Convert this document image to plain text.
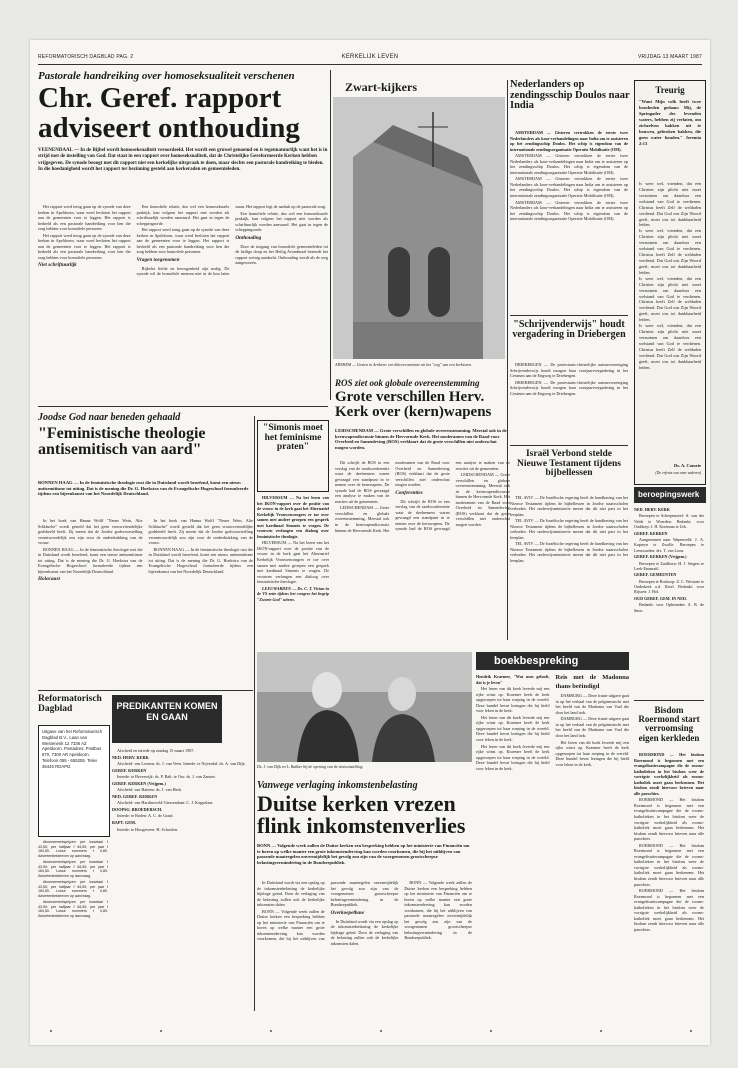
REFORMATORISCH DAGBLAD PAG. 2	KERKELIJK LEVEN	VRIJDAG 13 MAART 1987
Pastorale handreiking over homoseksualiteit verschenen
Chr. Geref. rapport
adviseert onthouding
VEENENDAAL — In de Bijbel wordt homoseksualiteit veroordeeld. Het wordt een gruwel genoemd en is tegennatuurlijk want het is in strijd met de instelling van God. Dat staat in een rapport over homoseksualiteit, dat de Christelijke Gereformeerde Kerken hebben vrijgegeven. De synode beoogt met dit rapport niet een kerkelijke uitspraak te doen, maar slechts een pastorale handreiking te bieden. In die hoedanigheid wordt het rapport ter bezinning gesteld aan kerkeraden en gemeenteleden.

Het rapport werd terug gaan op de synode van deze kerken in Apeldoorn, waar werd besloten het rapport aan de gemeenten voor te leggen. Het rapport is bedoeld als een pastorale handreiking voor hen die zorg hebben voor homofiele personen.

Het rapport werd terug gaan op de synode van deze kerken in Apeldoorn, waar werd besloten het rapport aan de gemeenten voor te leggen. Het rapport is bedoeld als een pastorale handreiking voor hen die zorg hebben voor homofiele personen.

Niet schriftuurlijk

Een homofiele relatie, dus wel een homoseksuele praktijk, kan volgens het rapport niet worden als schriftuurlijk worden aanvaard. Het gaat in tegen de scheppingsorde.

Het rapport werd terug gaan op de synode van deze kerken in Apeldoorn, waar werd besloten het rapport aan de gemeenten voor te leggen. Het rapport is bedoeld als een pastorale handreiking voor hen die zorg hebben voor homofiele personen.

Vragen toegenomen

Bijbelse liefde en bewogenheid zijn nodig. De synode wil de homofiele mensen niet in de kou laten staan. Het rapport legt de nadruk op de pastorale zorg.

Een homofiele relatie, dus wel een homoseksuele praktijk, kan volgens het rapport niet worden als schriftuurlijk worden aanvaard. Het gaat in tegen de scheppingsorde.

Onthouding

Door de toegang van homofiele gemeenteleden tot de heilige doop en het Heilig Avondmaal besteedt het rapport weinig aandacht. Onthouding wordt als de weg aangewezen.

Zwart-kijkers
ARNHEM — Gezien in Arnhem: een kikvors-antenne uit het "oog" van een kerktoren.
Nederlanders op zendingsschip Doulos naar India

AMSTERDAM — Gisteren vertrokken de eerste twee Nederlanders als koor-verhandelingen naar India om te assisteren op het zendingsschip Doulos. Het schip is eigendom van de internationale zendingsorganisatie Operatie Mobilisatie (OM).

AMSTERDAM — Gisteren vertrokken de eerste twee Nederlanders als koor-verhandelingen naar India om te assisteren op het zendingsschip Doulos. Het schip is eigendom van de internationale zendingsorganisatie Operatie Mobilisatie (OM).

AMSTERDAM — Gisteren vertrokken de eerste twee Nederlanders als koor-verhandelingen naar India om te assisteren op het zendingsschip Doulos. Het schip is eigendom van de internationale zendingsorganisatie Operatie Mobilisatie (OM).

AMSTERDAM — Gisteren vertrokken de eerste twee Nederlanders als koor-verhandelingen naar India om te assisteren op het zendingsschip Doulos. Het schip is eigendom van de internationale zendingsorganisatie Operatie Mobilisatie (OM).

"Schrijvenderwijs" houdt vergadering in Driebergen

DRIEBERGEN — De protestants-christelijke auteursvereniging Schrijvenderwijs houdt morgen haar voorjaarsvergadering in het Centrum aan de Engweg te Driebergen.

DRIEBERGEN — De protestants-christelijke auteursvereniging Schrijvenderwijs houdt morgen haar voorjaarsvergadering in het Centrum aan de Engweg te Driebergen.

Treurig
"Want Mijn volk heeft twee boosheden gedaan: Mij, de Springader des levenden waters, hebben zij verlaten, om zichzelven bakken uit te houwen, gebroken bakken, die geen water houden." Jeremia 2:13
Is weer wel, vrienden, dat een Christen zijn plicht niet moet verzuimen om daardoor een welstand van God te verdienen. Christus heeft Zelf de weldaden verdiend. Dat God ons Zijn Woord geeft, moet ons tot dankbaarheid leiden.
Is weer wel, vrienden, dat een Christen zijn plicht niet moet verzuimen om daardoor een welstand van God te verdienen. Christus heeft Zelf de weldaden verdiend. Dat God ons Zijn Woord geeft, moet ons tot dankbaarheid leiden.
Is weer wel, vrienden, dat een Christen zijn plicht niet moet verzuimen om daardoor een welstand van God te verdienen. Christus heeft Zelf de weldaden verdiend. Dat God ons Zijn Woord geeft, moet ons tot dankbaarheid leiden.
Is weer wel, vrienden, dat een Christen zijn plicht niet moet verzuimen om daardoor een welstand van God te verdienen. Christus heeft Zelf de weldaden verdiend. Dat God ons Zijn Woord geeft, moet ons tot dankbaarheid leiden.
Ds. A. Comrie
(De erfenis van onze vaderen)
beroepingswerk

NED. HERV. KERK

Beroepen te Scherpenzeel: A. van der Velde te Woerden. Bedankt: voor Ouddorp: J. H. Kooiman te Urk.

GEREF. KERKEN

Aangenomen naar Wapenveld: J. A. Kapteyn te Zwolle. Beroepen te Leeuwarden: drs. T. van Loon.

GEREF. KERKEN (Vrijgem.)

Beroepen te Zuidhorn: H. J. Siegers te Leek-Enumatil.

GEREF. GEMEENTEN

Beroepen te Boskoop: Z. C. Westrate te Ouderkerk a.d. IJssel. Bedankt: voor Rijssen: J. Hol.

OUD GEREF. GEM. IN NED.

Bedankt: voor Opheusden: A. B. de Snoo.

Bisdom Roermond start verroomsing eigen kerkleden

ROERMOND — Het bisdom Roermond is begonnen met een evangelisatiecampagne die de rooms-katholieken in het bisdom weer de vorrigste werkelijkheid als rooms-katholiek moet gaan herkennen. Het bisdom zendt hiervoor brieven naar alle parochies.

ROERMOND — Het bisdom Roermond is begonnen met een evangelisatiecampagne die de rooms-katholieken in het bisdom weer de vorrigste werkelijkheid als rooms-katholiek moet gaan herkennen. Het bisdom zendt hiervoor brieven naar alle parochies.

ROERMOND — Het bisdom Roermond is begonnen met een evangelisatiecampagne die de rooms-katholieken in het bisdom weer de vorrigste werkelijkheid als rooms-katholiek moet gaan herkennen. Het bisdom zendt hiervoor brieven naar alle parochies.

ROERMOND — Het bisdom Roermond is begonnen met een evangelisatiecampagne die de rooms-katholieken in het bisdom weer de vorrigste werkelijkheid als rooms-katholiek moet gaan herkennen. Het bisdom zendt hiervoor brieven naar alle parochies.

Joodse God naar beneden gehaald
"Feministische theologie antisemitisch van aard"
BONNEN HAAG — In de feministische theologie rust die in Duitsland wordt beoefend, komt een nieuw antisemitisme tot uiting. Dat is de mening die Dr. G. Hoekstra van de Evangelische Hogeschool formuleerde tijdens een bijeenkomst van het Noordelijk Deutschland.

In het boek van Hanna Wolff "Neuer Wein, Alte Schläuche" wordt gesteld dat het geen vrouwvriendelijke godsbeeld heeft. Zij meent dat de Joodse godsvoorstelling verantwoordelijk zou zijn voor de onderdrukking van de vrouw.

BONNEN HAAG — In de feministische theologie rust die in Duitsland wordt beoefend, komt een nieuw antisemitisme tot uiting. Dat is de mening die Dr. G. Hoekstra van de Evangelische Hogeschool formuleerde tijdens een bijeenkomst van het Noordelijk Deutschland.

Holocaust

In het boek van Hanna Wolff "Neuer Wein, Alte Schläuche" wordt gesteld dat het geen vrouwvriendelijke godsbeeld heeft. Zij meent dat de Joodse godsvoorstelling verantwoordelijk zou zijn voor de onderdrukking van de vrouw.

BONNEN HAAG — In de feministische theologie rust die in Duitsland wordt beoefend, komt een nieuw antisemitisme tot uiting. Dat is de mening die Dr. G. Hoekstra van de Evangelische Hogeschool formuleerde tijdens een bijeenkomst van het Noordelijk Deutschland.

"Simonis moet het feminisme praten"

HILVERSUM — Na het lezen van het IKON-rapport over de positie van de vrouw in de kerk gaat het Alternatief Kerkelijk Vrouwencongres er toe over samen met andere groepen een gesprek met kardinaal Simonis te vragen. De vrouwen verlangen een dialoog over feministische theologie.

HILVERSUM — Na het lezen van het IKON-rapport over de positie van de vrouw in de kerk gaat het Alternatief Kerkelijk Vrouwencongres er toe over samen met andere groepen een gesprek met kardinaal Simonis te vragen. De vrouwen verlangen een dialoog over feministische theologie.

LEEUWARDEN — Ds. C. T. Vivian in de VS zette tijdens het congres het begrip "Zwarte God" uiteen.

ROS ziet ook globale overeenstemming
Grote verschillen Herv. Kerk over (kern)wapens
LEIDSCHENDAM — Grote verschillen en globale overeenstemming. Meestal ook in de kernwapendiscussie binnen de Hervormde Kerk. Het moderamen van de Raad voor Overheid en Samenleving (ROS) verklaart dat de grote verschillen niet onderschat mogen worden.

Dit schrijft de ROS in een verslag van de raadsconferentie waar de deelnemers waren gevraagd een standpunt in te nemen over de kernwapens. De synode had de ROS gevraagd een analyse te maken van de reacties uit de gemeenten.

LEIDSCHENDAM — Grote verschillen en globale overeenstemming. Meestal ook in de kernwapendiscussie binnen de Hervormde Kerk. Het moderamen van de Raad voor Overheid en Samenleving (ROS) verklaart dat de grote verschillen niet onderschat mogen worden.

Conferenties

Dit schrijft de ROS in een verslag van de raadsconferentie waar de deelnemers waren gevraagd een standpunt in te nemen over de kernwapens. De synode had de ROS gevraagd een analyse te maken van de reacties uit de gemeenten.

LEIDSCHENDAM — Grote verschillen en globale overeenstemming. Meestal ook in de kernwapendiscussie binnen de Hervormde Kerk. Het moderamen van de Raad voor Overheid en Samenleving (ROS) verklaart dat de grote verschillen niet onderschat mogen worden.

Israël Verbond stelde Nieuwe Testament tijdens bijbellessen

TEL AVIV — De Israëlische regering heeft de handhaving van het Nieuwe Testament tijdens de bijbellessen in Joodse staatsscholen verboden. Het onderwijsministerie meent dat dit niet past in het leerplan.

TEL AVIV — De Israëlische regering heeft de handhaving van het Nieuwe Testament tijdens de bijbellessen in Joodse staatsscholen verboden. Het onderwijsministerie meent dat dit niet past in het leerplan.

TEL AVIV — De Israëlische regering heeft de handhaving van het Nieuwe Testament tijdens de bijbellessen in Joodse staatsscholen verboden. Het onderwijsministerie meent dat dit niet past in het leerplan.

Ds. J. van Dijk en L. Bakker bij de opening van de tentoonstelling.
boekbespreking

Hendrik Kraemer, "Wat men gelooft, dat is je leven"

Het lezen van dit boek leverde mij een rijke winst op. Kraemer heeft de kerk opgeroepen tot haar roeping in de wereld. Deze bundel bevat lezingen die hij hield voor leken in de kerk.

Het lezen van dit boek leverde mij een rijke winst op. Kraemer heeft de kerk opgeroepen tot haar roeping in de wereld. Deze bundel bevat lezingen die hij hield voor leken in de kerk.

Het lezen van dit boek leverde mij een rijke winst op. Kraemer heeft de kerk opgeroepen tot haar roeping in de wereld. Deze bundel bevat lezingen die hij hield voor leken in de kerk.

Reis met de Madonna thans beëindigd

DAMBURG — Deze fraaie uitgave gaat in op het verhaal van de pelgrimstocht met het beeld van de Madonna van Vaal die door het land trok.

DAMBURG — Deze fraaie uitgave gaat in op het verhaal van de pelgrimstocht met het beeld van de Madonna van Vaal die door het land trok.

Het lezen van dit boek leverde mij een rijke winst op. Kraemer heeft de kerk opgeroepen tot haar roeping in de wereld. Deze bundel bevat lezingen die hij hield voor leken in de kerk.

Reformatorisch Dagblad
Uitgave van het Reformatorisch Dagblad B.V., Laan van Westenenk 12 7336 AZ Apeldoorn. Postadres: Postbus 670, 7300 AR Apeldoorn. Telefoon 055 - 655255. Telex 36445 RDAPD.

Abonnementsprijzen per kwartaal f 43,50; per halfjaar f 84,50; per jaar f 164,50. Losse nummers f 0,80. Advertentietarieven op aanvraag.

Abonnementsprijzen per kwartaal f 43,50; per halfjaar f 84,50; per jaar f 164,50. Losse nummers f 0,80. Advertentietarieven op aanvraag.

Abonnementsprijzen per kwartaal f 43,50; per halfjaar f 84,50; per jaar f 164,50. Losse nummers f 0,80. Advertentietarieven op aanvraag.

Abonnementsprijzen per kwartaal f 43,50; per halfjaar f 84,50; per jaar f 164,50. Losse nummers f 0,80. Advertentietarieven op aanvraag.

PREDIKANTEN KOMEN EN GAAN

Afscheid en intrede op zondag 15 maart 1987.

NED. HERV. KERK

Afscheid: van Loenen: ds. J. van Veen. Intrede: te Nijverdal: ds. A. van Dijk.

GEREF. KERKEN

Intrede: te Beverwijk: ds. P. Balt; te Oss: ds. J. van Zanten.

GEREF. KERKEN (Vrijgem.)

Afscheid: van Hattem: ds. J. van Herk.

NED. GEREF. KERKEN

Afscheid: van Hardinxveld-Giessendam: C. J. Koppelaar.

DOOPSG. BROEDERSCH.

Intrede: te Roden: A. C. de Graaf.

BAPT. GEM.

Intrede: te Hoogeveen: H. Schoolen.

Vanwege verlaging inkomstenbelasting
Duitse kerken vrezen
flink inkomstenverlies
BONN — Volgende week zullen de Duitse kerken een bespreking hebben op het ministerie van Financiën om te horen op welke manier een grote inkomstenderving kan worden voorkomen, die bij het uitblijven van passende maatregelen onvermijdelijk het gevolg zou zijn van de voorgenomen grootscheepse belastingvermindering in de Bondsrepubliek.

In Duitsland wordt via een opslag op de inkomstenbelasting de kerkelijke bijdrage geïnd. Door de verlaging van de belasting zullen ook de kerkelijke inkomsten dalen.

BONN — Volgende week zullen de Duitse kerken een bespreking hebben op het ministerie van Financiën om te horen op welke manier een grote inkomstenderving kan worden voorkomen, die bij het uitblijven van passende maatregelen onvermijdelijk het gevolg zou zijn van de voorgenomen grootscheepse belastingvermindering in de Bondsrepubliek.

Overkoepelbase

In Duitsland wordt via een opslag op de inkomstenbelasting de kerkelijke bijdrage geïnd. Door de verlaging van de belasting zullen ook de kerkelijke inkomsten dalen.

BONN — Volgende week zullen de Duitse kerken een bespreking hebben op het ministerie van Financiën om te horen op welke manier een grote inkomstenderving kan worden voorkomen, die bij het uitblijven van passende maatregelen onvermijdelijk het gevolg zou zijn van de voorgenomen grootscheepse belastingvermindering in de Bondsrepubliek.
